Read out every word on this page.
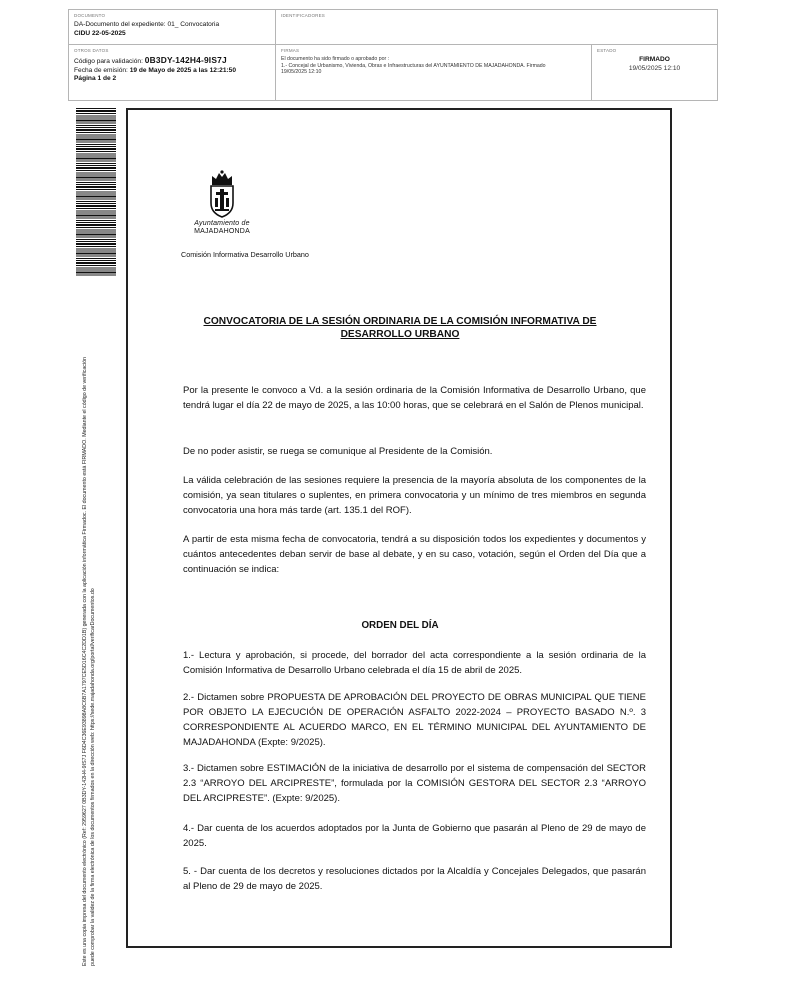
DOCUMENTO
DA-Documento del expediente: 01_ Convocatoria
CIDU 22-05-2025
IDENTIFICADORES
OTROS DATOS
Código para validación: 0B3DY-142H4-9IS7J
Fecha de emisión: 19 de Mayo de 2025 a las 12:21:50
Página 1 de 2
FIRMAS
El documento ha sido firmado o aprobado por :
1.- Concejal de Urbanismo, Vivienda, Obras e Infraestructuras del AYUNTAMIENTO DE MAJADAHONDA. Firmado
19/05/2025 12:10
ESTADO
FIRMADO
19/05/2025 12:10
Este es una copia impresa del documento electrónico (Ref: 2959627 0B3DY-142H4-9IS7J F6D4C36E93898A8C6B7A1797CE5D16C4C2DD1B) generada con la aplicación informática Firmadoc. El documento está FIRMADO. Mediante el código de verificación puede comprobar la validez de la firma electrónica de los documentos firmados en la dirección web: https://sede.majadahonda.org/portal/verificarDocumentos.do
Ayuntamiento de
MAJADAHONDA
Comisión Informativa Desarrollo Urbano
CONVOCATORIA DE LA SESIÓN ORDINARIA DE LA COMISIÓN INFORMATIVA DE
DESARROLLO URBANO

Por la presente le convoco a Vd. a la sesión ordinaria de la Comisión Informativa de Desarrollo Urbano, que tendrá lugar el día 22 de mayo de 2025, a las 10:00 horas, que se celebrará en el Salón de Plenos municipal.

De no poder asistir, se ruega se comunique al Presidente de la Comisión.

La válida celebración de las sesiones requiere la presencia de la mayoría absoluta de los componentes de la comisión, ya sean titulares o suplentes, en primera convocatoria y un mínimo de tres miembros en segunda convocatoria una hora más tarde (art. 135.1 del ROF).

A partir de esta misma fecha de convocatoria, tendrá a su disposición todos los expedientes y documentos y cuántos antecedentes deban servir de base al debate, y en su caso, votación, según el Orden del Día que a continuación se indica:

ORDEN DEL DÍA

1.- Lectura y aprobación, si procede, del borrador del acta correspondiente a la sesión ordinaria de la Comisión Informativa de Desarrollo Urbano celebrada el día 15 de abril de 2025.

2.- Dictamen sobre PROPUESTA DE APROBACIÓN DEL PROYECTO DE OBRAS MUNICIPAL QUE TIENE POR OBJETO LA EJECUCIÓN DE OPERACIÓN ASFALTO 2022-2024 – PROYECTO BASADO N.º. 3 CORRESPONDIENTE AL ACUERDO MARCO, EN EL TÉRMINO MUNICIPAL DEL AYUNTAMIENTO DE MAJADAHONDA (Expte: 9/2025).

3.- Dictamen sobre ESTIMACIÓN de la iniciativa de desarrollo por el sistema de compensación del SECTOR 2.3 “ARROYO DEL ARCIPRESTE”, formulada por la COMISIÓN GESTORA DEL SECTOR 2.3 “ARROYO DEL ARCIPRESTE”. (Expte: 9/2025).

4.- Dar cuenta de los acuerdos adoptados por la Junta de Gobierno que pasarán al Pleno de 29 de mayo de 2025.

5. - Dar cuenta de los decretos y resoluciones dictados por la Alcaldía y Concejales Delegados, que pasarán al Pleno de 29 de mayo de 2025.
